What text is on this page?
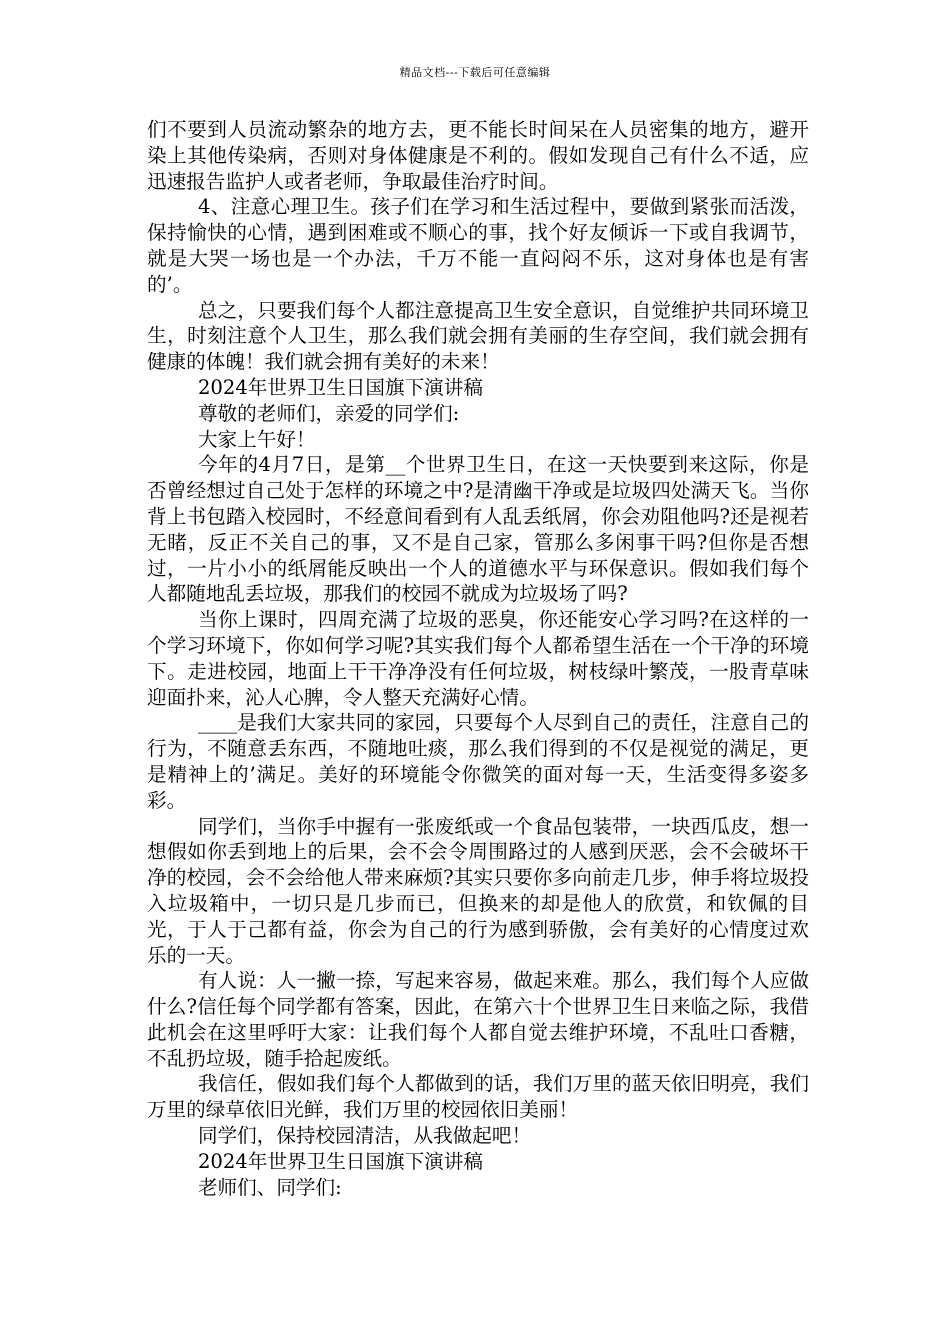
精品文档---下载后可任意编辑

们不要到人员流动繁杂的地方去，更不能长时间呆在人员密集的地方，避开染上其他传染病，否则对身体健康是不利的。假如发现自己有什么不适，应迅速报告监护人或者老师，争取最佳治疗时间。

4、注意心理卫生。孩子们在学习和生活过程中，要做到紧张而活泼，保持愉快的心情，遇到困难或不顺心的事，找个好友倾诉一下或自我调节，就是大哭一场也是一个办法，千万不能一直闷闷不乐，这对身体也是有害的’。

总之，只要我们每个人都注意提高卫生安全意识，自觉维护共同环境卫生，时刻注意个人卫生，那么我们就会拥有美丽的生存空间，我们就会拥有健康的体魄！我们就会拥有美好的未来！

2024年世界卫生日国旗下演讲稿

尊敬的老师们，亲爱的同学们:

大家上午好！

今年的4月7日，是第__个世界卫生日，在这一天快要到来这际，你是否曾经想过自己处于怎样的环境之中?是清幽干净或是垃圾四处满天飞。当你背上书包踏入校园时，不经意间看到有人乱丢纸屑，你会劝阻他吗?还是视若无睹，反正不关自己的事，又不是自己家，管那么多闲事干吗?但你是否想过，一片小小的纸屑能反映出一个人的道德水平与环保意识。假如我们每个人都随地乱丢垃圾，那我们的校园不就成为垃圾场了吗?

当你上课时，四周充满了垃圾的恶臭，你还能安心学习吗?在这样的一个学习环境下，你如何学习呢?其实我们每个人都希望生活在一个干净的环境下。走进校园，地面上干干净净没有任何垃圾，树枝绿叶繁茂，一股青草味迎面扑来，沁人心脾，令人整天充满好心情。

____是我们大家共同的家园，只要每个人尽到自己的责任，注意自己的行为，不随意丢东西，不随地吐痰，那么我们得到的不仅是视觉的满足，更是精神上的’满足。美好的环境能令你微笑的面对每一天，生活变得多姿多彩。

同学们，当你手中握有一张废纸或一个食品包装带，一块西瓜皮，想一想假如你丢到地上的后果，会不会令周围路过的人感到厌恶，会不会破坏干净的校园，会不会给他人带来麻烦?其实只要你多向前走几步，伸手将垃圾投入垃圾箱中，一切只是几步而已，但换来的却是他人的欣赏，和钦佩的目光，于人于己都有益，你会为自己的行为感到骄傲，会有美好的心情度过欢乐的一天。

有人说：人一撇一捺，写起来容易，做起来难。那么，我们每个人应做什么?信任每个同学都有答案，因此，在第六十个世界卫生日来临之际，我借此机会在这里呼吁大家：让我们每个人都自觉去维护环境，不乱吐口香糖，不乱扔垃圾，随手拾起废纸。

我信任，假如我们每个人都做到的话，我们万里的蓝天依旧明亮，我们万里的绿草依旧光鲜，我们万里的校园依旧美丽！

同学们，保持校园清洁，从我做起吧！

2024年世界卫生日国旗下演讲稿

老师们、同学们:
